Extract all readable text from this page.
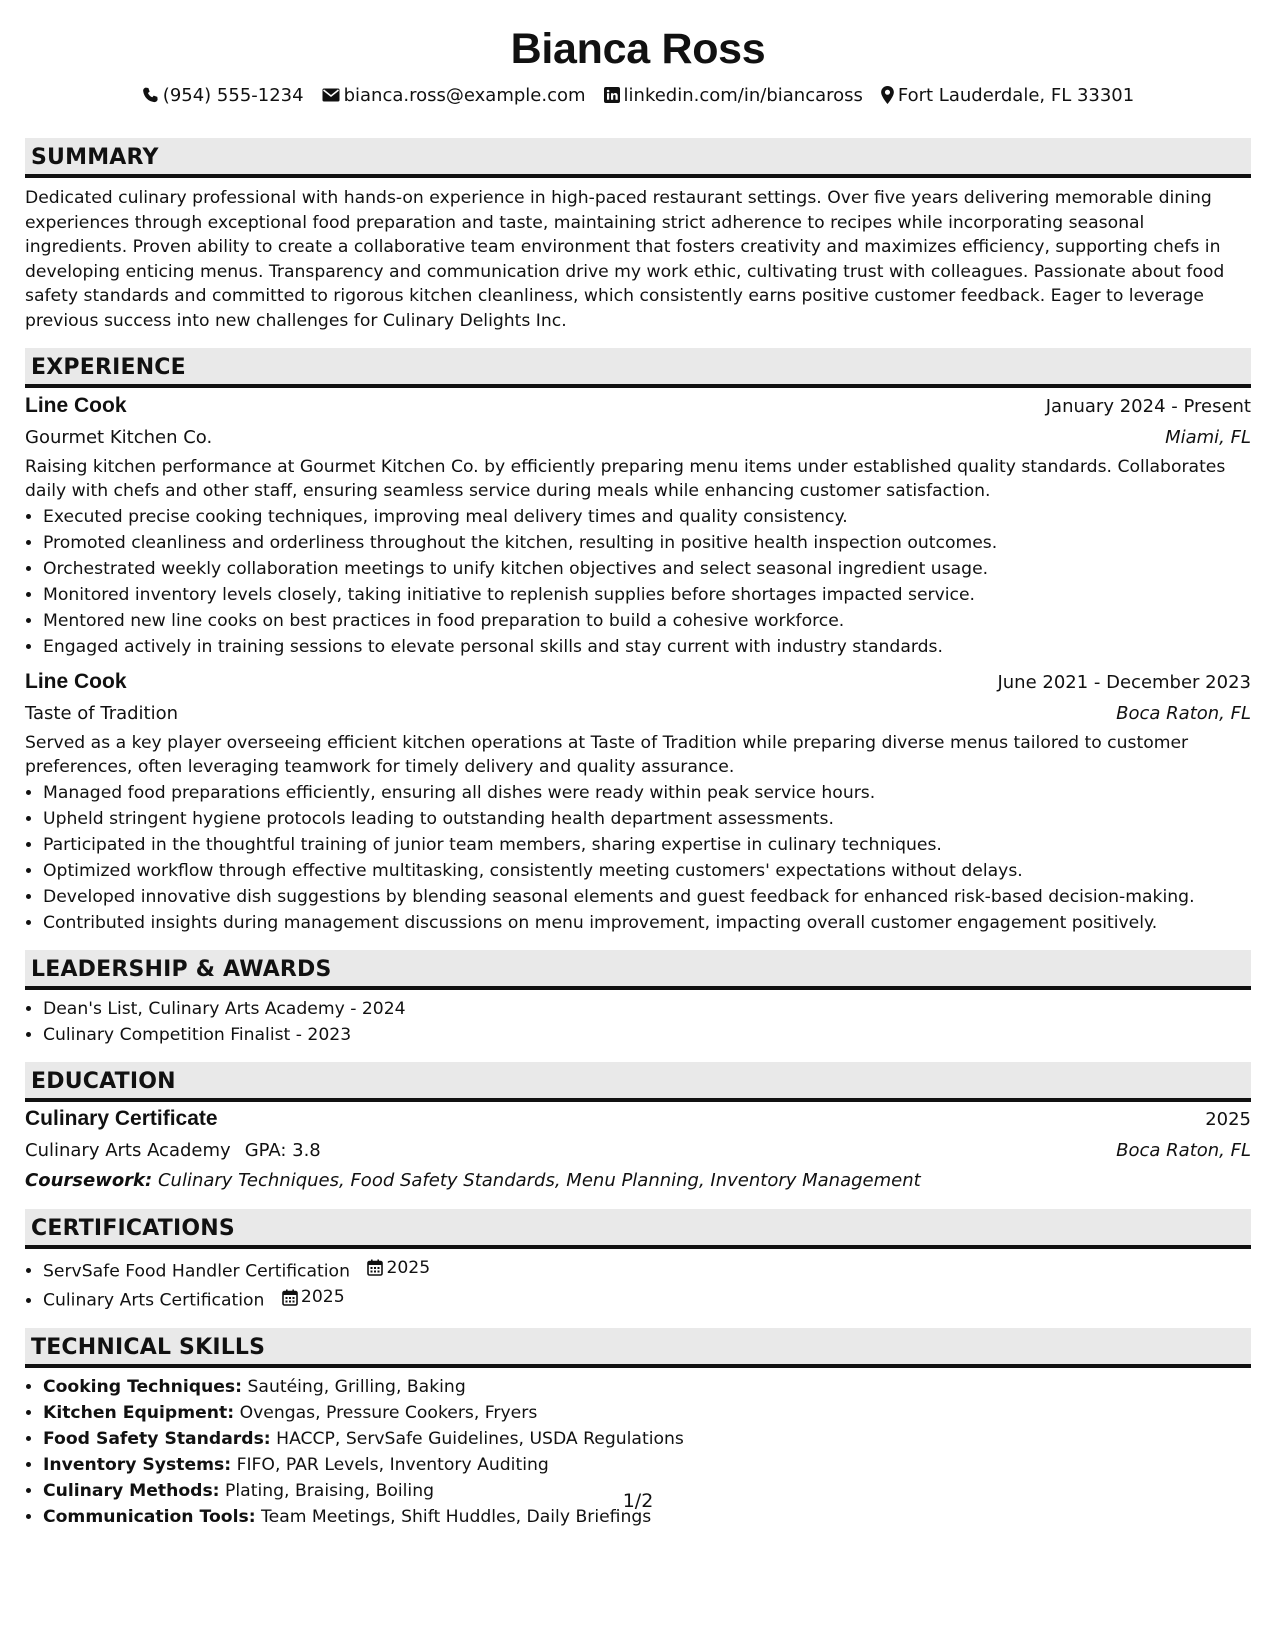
Bianca Ross
(954) 555-1234 bianca.ross@example.com linkedin.com/in/biancaross Fort Lauderdale, FL 33301
SUMMARY

Dedicated culinary professional with hands-on experience in high-paced restaurant settings. Over five years delivering memorable dining experiences through exceptional food preparation and taste, maintaining strict adherence to recipes while incorporating seasonal ingredients. Proven ability to create a collaborative team environment that fosters creativity and maximizes efficiency, supporting chefs in developing enticing menus. Transparency and communication drive my work ethic, cultivating trust with colleagues. Passionate about food safety standards and committed to rigorous kitchen cleanliness, which consistently earns positive customer feedback. Eager to leverage previous success into new challenges for Culinary Delights Inc.

EXPERIENCE
Line Cook	January 2024 - Present
Gourmet Kitchen Co.	Miami, FL

Raising kitchen performance at Gourmet Kitchen Co. by efficiently preparing menu items under established quality standards. Collaborates daily with chefs and other staff, ensuring seamless service during meals while enhancing customer satisfaction.

• Executed precise cooking techniques, improving meal delivery times and quality consistency.
• Promoted cleanliness and orderliness throughout the kitchen, resulting in positive health inspection outcomes.
• Orchestrated weekly collaboration meetings to unify kitchen objectives and select seasonal ingredient usage.
• Monitored inventory levels closely, taking initiative to replenish supplies before shortages impacted service.
• Mentored new line cooks on best practices in food preparation to build a cohesive workforce.
• Engaged actively in training sessions to elevate personal skills and stay current with industry standards.
Line Cook	June 2021 - December 2023
Taste of Tradition	Boca Raton, FL

Served as a key player overseeing efficient kitchen operations at Taste of Tradition while preparing diverse menus tailored to customer preferences, often leveraging teamwork for timely delivery and quality assurance.

• Managed food preparations efficiently, ensuring all dishes were ready within peak service hours.
• Upheld stringent hygiene protocols leading to outstanding health department assessments.
• Participated in the thoughtful training of junior team members, sharing expertise in culinary techniques.
• Optimized workflow through effective multitasking, consistently meeting customers' expectations without delays.
• Developed innovative dish suggestions by blending seasonal elements and guest feedback for enhanced risk-based decision-making.
• Contributed insights during management discussions on menu improvement, impacting overall customer engagement positively.
LEADERSHIP & AWARDS
• Dean's List, Culinary Arts Academy - 2024
• Culinary Competition Finalist - 2023
EDUCATION
Culinary Certificate	2025
Culinary Arts Academy GPA: 3.8	Boca Raton, FL
Coursework: Culinary Techniques, Food Safety Standards, Menu Planning, Inventory Management
CERTIFICATIONS
• ServSafe Food Handler Certification 2025
• Culinary Arts Certification 2025
TECHNICAL SKILLS
• Cooking Techniques: Sautéing, Grilling, Baking
• Kitchen Equipment: Ovengas, Pressure Cookers, Fryers
• Food Safety Standards: HACCP, ServSafe Guidelines, USDA Regulations
• Inventory Systems: FIFO, PAR Levels, Inventory Auditing
• Culinary Methods: Plating, Braising, Boiling
• Communication Tools: Team Meetings, Shift Huddles, Daily Briefings
1/2
